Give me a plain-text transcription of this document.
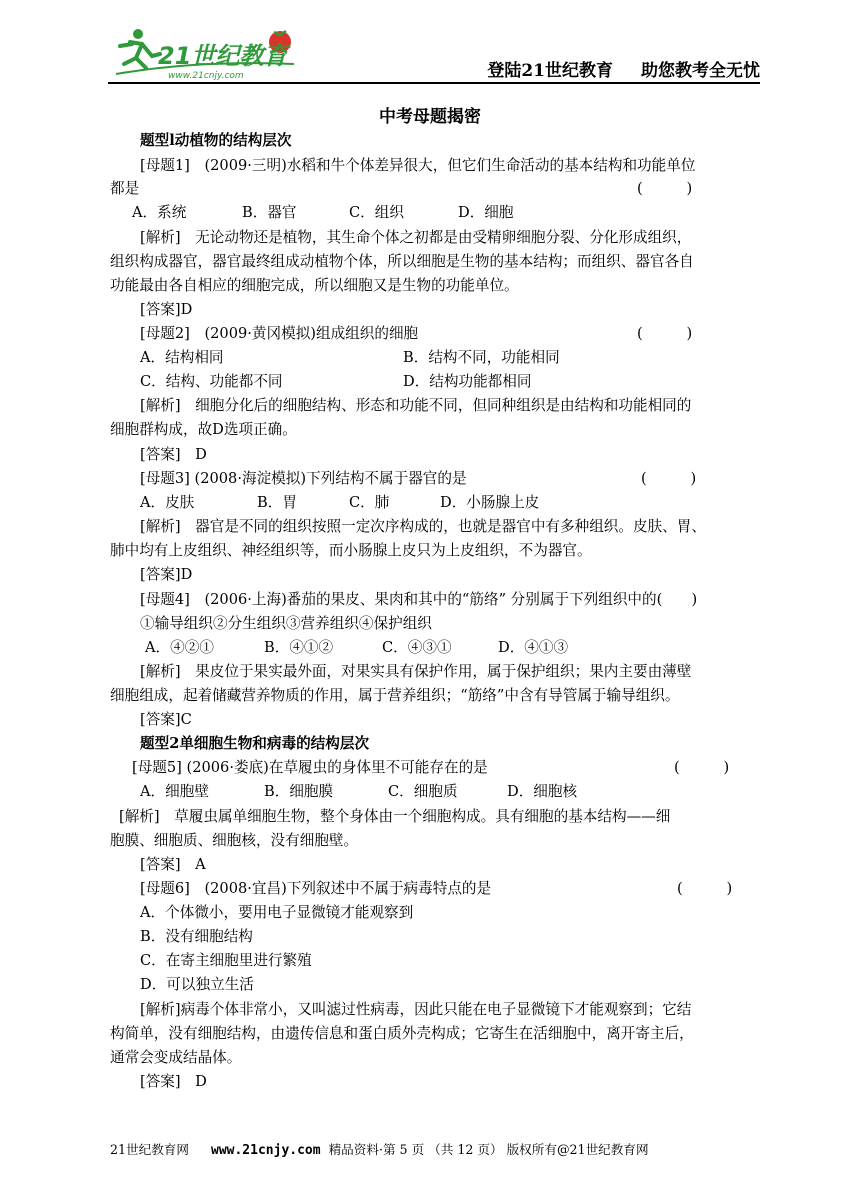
21世纪教育
www.21cnjy.com	登陆21世纪教育 助您教考全无忧
中考母题揭密
题型l动植物的结构层次
[母题1]　(2009·三明)水稻和牛个体差异很大，但它们生命活动的基本结构和功能单位
都是	(　　　)
A．系统	B．器官	C．组织	D．细胞
[解析]　无论动物还是植物，其生命个体之初都是由受精卵细胞分裂、分化形成组织，
组织构成器官，器官最终组成动植物个体，所以细胞是生物的基本结构；而组织、器官各自
功能最由各自相应的细胞完成，所以细胞又是生物的功能单位。
[答案]D
[母题2]　(2009·黄冈模拟)组成组织的细胞	(　　　)
A．结构相同	B．结构不同，功能相同
C．结构、功能都不同	D．结构功能都相同
[解析]　细胞分化后的细胞结构、形态和功能不同，但同种组织是由结构和功能相同的
细胞群构成，故D选项正确。
[答案]　D
[母题3] (2008·海淀模拟)下列结构不属于器官的是	(　　　)
A．皮肤	B．胃	C．肺	D．小肠腺上皮
[解析]　器官是不同的组织按照一定次序构成的，也就是器官中有多种组织。皮肤、胃、
肺中均有上皮组织、神经组织等，而小肠腺上皮只为上皮组织，不为器官。
[答案]D
[母题4]　(2006·上海)番茄的果皮、果肉和其中的“筋络” 分别属于下列组织中的(　　)
①输导组织②分生组织③营养组织④保护组织
A．④②①	B．④①②	C．④③①	D．④①③
[解析]　果皮位于果实最外面，对果实具有保护作用，属于保护组织；果内主要由薄壁
细胞组成，起着储藏营养物质的作用，属于营养组织；“筋络”中含有导管属于输导组织。
[答案]C
题型2单细胞生物和病毒的结构层次
[母题5] (2006·娄底)在草履虫的身体里不可能存在的是	(　　　)
A．细胞壁	B．细胞膜	C．细胞质	D．细胞核
[解析]　草履虫属单细胞生物，整个身体由一个细胞构成。具有细胞的基本结构——细
胞膜、细胞质、细胞核，没有细胞壁。
[答案]　A
[母题6]　(2008·宜昌)下列叙述中不属于病毒特点的是	(　　　)
A．个体微小，要用电子显微镜才能观察到
B．没有细胞结构
C．在寄主细胞里进行繁殖
D．可以独立生活
[解析]病毒个体非常小，又叫滤过性病毒，因此只能在电子显微镜下才能观察到；它结
构简单，没有细胞结构，由遗传信息和蛋白质外壳构成；它寄生在活细胞中，离开寄主后，
通常会变成结晶体。
[答案]　D
21世纪教育网 www.21cnjy.com 精品资料·第 5 页 （共 12 页） 版权所有@21世纪教育网
